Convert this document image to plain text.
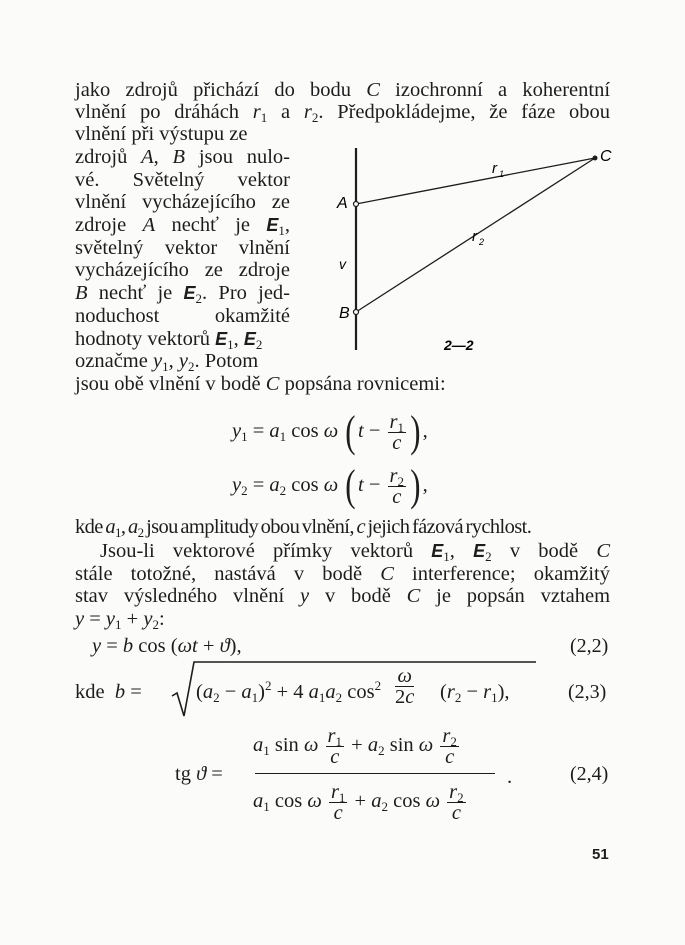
jako zdrojů přichází do bodu C izochronní a koherentní
vlnění po dráhách $r_1$ a $r_2$. Předpokládejme, že fáze obou
vlnění při výstupu ze
zdrojů A, B jsou nulo-
vé. Světelný vektor
vlnění vycházejícího ze
zdroje A nechť je $E_1$,
světelný vektor vlnění
vycházejícího ze zdroje
B nechť je $E_2$. Pro jed-
noduchost okamžité
hodnoty vektorů $E_1$, $E_2$
označme $y_1$, $y_2$. Potom
jsou obě vlnění v bodě C popsána rovnicemi:
A
B
C
v
r 1
r 2
2—2
$y_1 = a_1$ cos ω ( $t - \frac{r_1}{c}$ ) ,
$y_2 = a_2$ cos ω ( $t - \frac{r_2}{c}$ ) ,
kde $a_1$, $a_2$ jsou amplitudy obou vlnění, c jejich fázová rychlost.
Jsou-li vektorové přímky vektorů $E_1$, $E_2$ v bodě C
stále totožné, nastává v bodě C interference; okamžitý
stav výsledného vlnění y v bodě C je popsán vztahem
$y = y_1 + y_2$:
y = b cos (ωt + ϑ),	(2,2)
kde b =	$(a_2 - a_1)^2 + 4$ $a_1a_2$ $\cos^2 \frac{\omega}{2c} (r_2 - r_1)$,	(2,3)
tg ϑ =
$a_1$ sin ω $\frac{r_1}{c} + a_2$ sin ω $\frac{r_2}{c}$
$a_1$ cos ω $\frac{r_1}{c} + a_2$ cos ω $\frac{r_2}{c}$
.	(2,4)
51
